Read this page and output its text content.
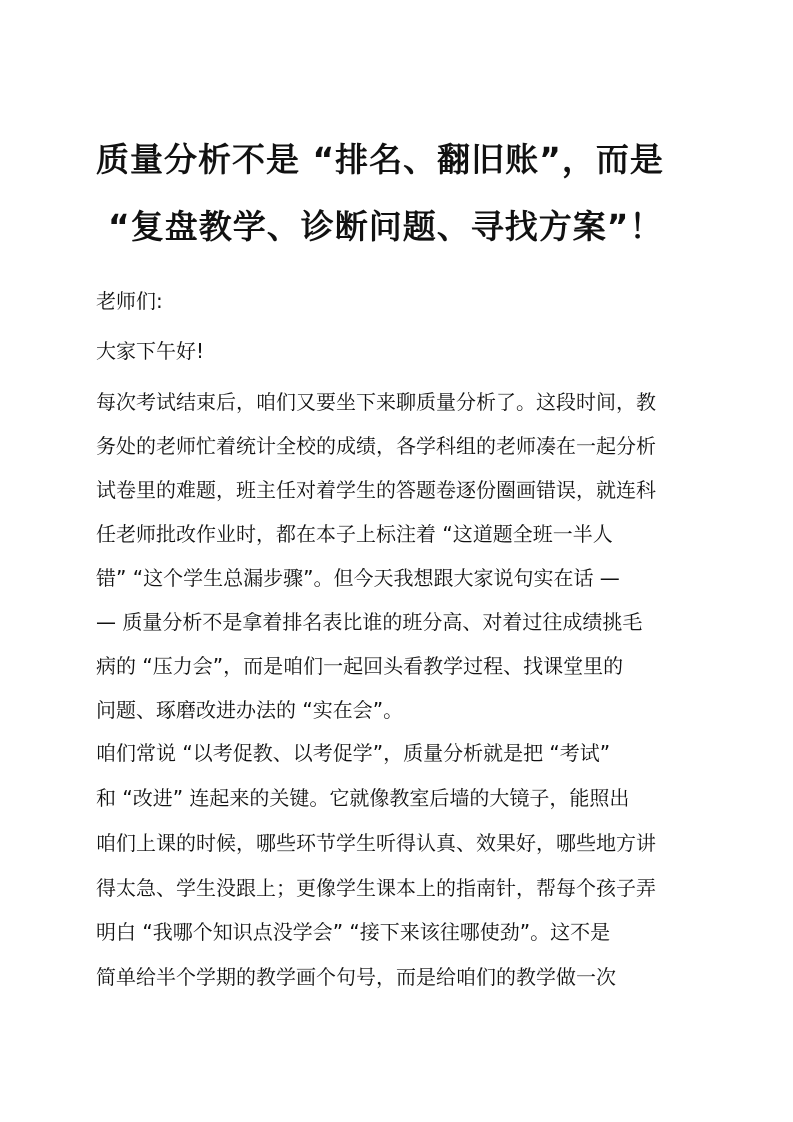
质量分析不是 “排名、翻旧账”，而是
“复盘教学、诊断问题、寻找方案”！
老师们:
大家下午好!
每次考试结束后，咱们又要坐下来聊质量分析了。这段时间，教
务处的老师忙着统计全校的成绩，各学科组的老师凑在一起分析
试卷里的难题，班主任对着学生的答题卷逐份圈画错误，就连科
任老师批改作业时，都在本子上标注着 “这道题全班一半人
错” “这个学生总漏步骤”。但今天我想跟大家说句实在话 —
— 质量分析不是拿着排名表比谁的班分高、对着过往成绩挑毛
病的 “压力会”，而是咱们一起回头看教学过程、找课堂里的
问题、琢磨改进办法的 “实在会”。
咱们常说 “以考促教、以考促学”，质量分析就是把 “考试”
和 “改进” 连起来的关键。它就像教室后墙的大镜子，能照出
咱们上课的时候，哪些环节学生听得认真、效果好，哪些地方讲
得太急、学生没跟上；更像学生课本上的指南针，帮每个孩子弄
明白 “我哪个知识点没学会” “接下来该往哪使劲”。这不是
简单给半个学期的教学画个句号，而是给咱们的教学做一次
